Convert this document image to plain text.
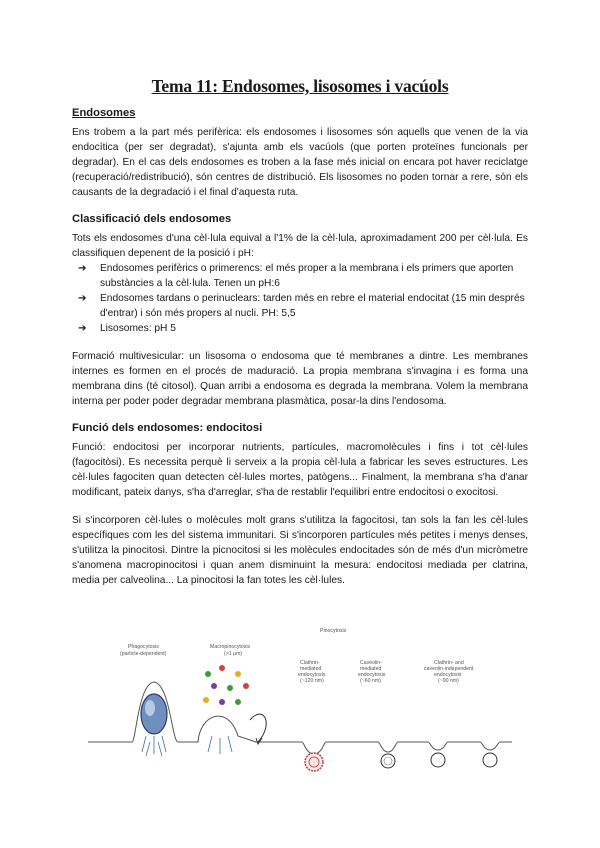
Tema 11: Endosomes, lisosomes i vacúols
Endosomes

Ens trobem a la part més perifèrica: els endosomes i lisosomes són aquells que venen de la via endocítica (per ser degradat), s'ajunta amb els vacúols (que porten proteïnes funcionals per degradar). En el cas dels endosomes es troben a la fase més inicial on encara pot haver reciclatge (recuperació/redistribució), són centres de distribució. Els lisosomes no poden tornar a rere, són els causants de la degradació i el final d'aquesta ruta.

Classificació dels endosomes

Tots els endosomes d'una cèl·lula equival a l'1% de la cèl·lula, aproximadament 200 per cèl·lula. Es classifiquen depenent de la posició i pH:

➔ Endosomes perifèrics o primerencs: el més proper a la membrana i els primers que aporten substàncies a la cèl·lula. Tenen un pH:6
➔ Endosomes tardans o perinuclears: tarden més en rebre el material endocitat (15 min després d'entrar) i són més propers al nucli. PH: 5,5
➔ Lisosomes: pH 5

Formació multivesicular: un lisosoma o endosoma que té membranes a dintre. Les membranes internes es formen en el procés de maduració. La propia membrana s'invagina i es forma una membrana dins (té citosol). Quan arribi a endosoma es degrada la membrana. Volem la membrana interna per poder poder degradar membrana plasmàtica, posar-la dins l'endosoma.

Funció dels endosomes: endocitosi

Funció: endocitosi per incorporar nutrients, partícules, macromolècules i fins i tot cèl·lules (fagocitòsi). Es necessita perquè li serveix a la propia cèl·lula a fabricar les seves estructures. Les cèl·lules fagociten quan detecten cèl·lules mortes, patògens... Finalment, la membrana s'ha d'anar modificant, pateix danys, s'ha d'arreglar, s'ha de restablir l'equilibri entre endocitosi o exocitosi.

Si s'incorporen cèl·lules o molècules molt grans s'utilitza la fagocitosi, tan sols la fan les cèl·lules específiques com les del sistema immunitari. Si s'incorporen partícules més petites i menys denses, s'utilitza la pinocitosi. Dintre la picnocitosi si les molècules endocitades són de més d'un micròmetre s'anomena macropinocitosi i quan anem disminuint la mesura: endocitosi mediada per clatrina, media per calveolina... La pinocitosi la fan totes les cèl·lules.

Pinocytosis
Phagocytosis
(particle-dependent)
Macropinocytosis
(>1 µm)
Clathrin-
mediated
endocytosis
(~120 nm)
Caveolin-
mediated
endocytosis
(~60 nm)
Clathrin- and
caveolin-independent
endocytosis
(~90 nm)
